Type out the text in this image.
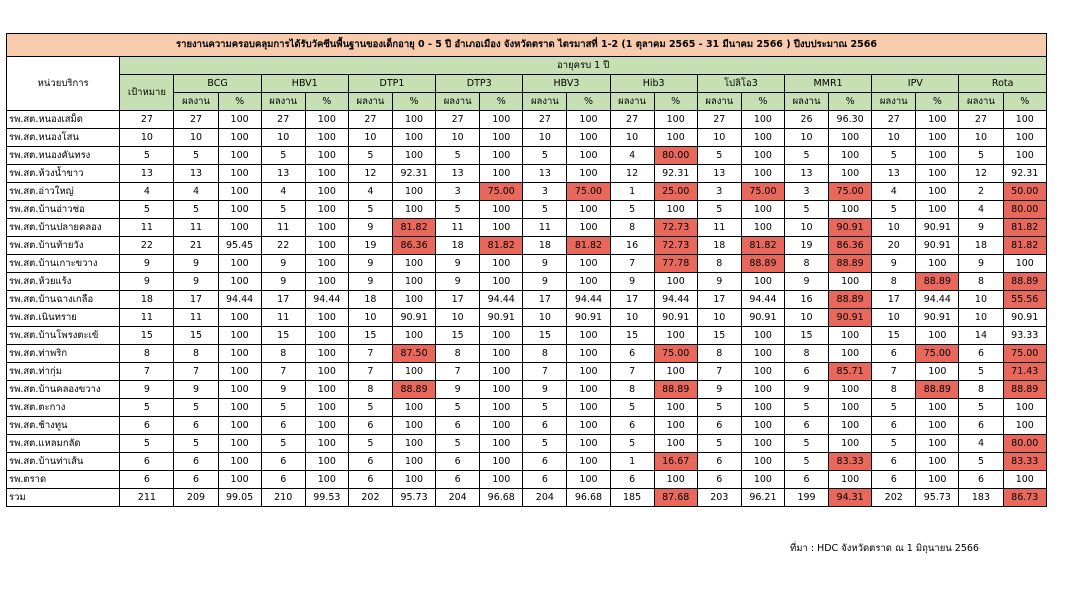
รายงานความครอบคลุมการได้รับวัคซีนพื้นฐานของเด็กอายุ 0 - 5 ปี อำเภอเมือง จังหวัดตราด ไตรมาสที่ 1-2 (1 ตุลาคม 2565 - 31 มีนาคม 2566 ) ปีงบประมาณ 2566																					
หน่วยบริการ	อายุครบ 1 ปี																				
	เป้าหมาย	BCG		HBV1		DTP1		DTP3		HBV3		Hib3		โปลิโอ3		MMR1		IPV		Rota	
		ผลงาน	%	ผลงาน	%	ผลงาน	%	ผลงาน	%	ผลงาน	%	ผลงาน	%	ผลงาน	%	ผลงาน	%	ผลงาน	%	ผลงาน	%
รพ.สต.หนองเสม็ด	27	27	100	27	100	27	100	27	100	27	100	27	100	27	100	26	96.30	27	100	27	100
รพ.สต.หนองโสน	10	10	100	10	100	10	100	10	100	10	100	10	100	10	100	10	100	10	100	10	100
รพ.สต.หนองคันทรง	5	5	100	5	100	5	100	5	100	5	100	4	80.00	5	100	5	100	5	100	5	100
รพ.สต.ห้วงน้ำขาว	13	13	100	13	100	12	92.31	13	100	13	100	12	92.31	13	100	13	100	13	100	12	92.31
รพ.สต.อ่าวใหญ่	4	4	100	4	100	4	100	3	75.00	3	75.00	1	25.00	3	75.00	3	75.00	4	100	2	50.00
รพ.สต.บ้านอ่าวช่อ	5	5	100	5	100	5	100	5	100	5	100	5	100	5	100	5	100	5	100	4	80.00
รพ.สต.บ้านปลายคลอง	11	11	100	11	100	9	81.82	11	100	11	100	8	72.73	11	100	10	90.91	10	90.91	9	81.82
รพ.สต.บ้านท้ายวัง	22	21	95.45	22	100	19	86.36	18	81.82	18	81.82	16	72.73	18	81.82	19	86.36	20	90.91	18	81.82
รพ.สต.บ้านเกาะขวาง	9	9	100	9	100	9	100	9	100	9	100	7	77.78	8	88.89	8	88.89	9	100	9	100
รพ.สต.ห้วยแร้ง	9	9	100	9	100	9	100	9	100	9	100	9	100	9	100	9	100	8	88.89	8	88.89
รพ.สต.บ้านฉางเกลือ	18	17	94.44	17	94.44	18	100	17	94.44	17	94.44	17	94.44	17	94.44	16	88.89	17	94.44	10	55.56
รพ.สต.เนินทราย	11	11	100	11	100	10	90.91	10	90.91	10	90.91	10	90.91	10	90.91	10	90.91	10	90.91	10	90.91
รพ.สต.บ้านโพรงตะเข้	15	15	100	15	100	15	100	15	100	15	100	15	100	15	100	15	100	15	100	14	93.33
รพ.สต.ท่าพริก	8	8	100	8	100	7	87.50	8	100	8	100	6	75.00	8	100	8	100	6	75.00	6	75.00
รพ.สต.ท่ากุ่ม	7	7	100	7	100	7	100	7	100	7	100	7	100	7	100	6	85.71	7	100	5	71.43
รพ.สต.บ้านคลองขวาง	9	9	100	9	100	8	88.89	9	100	9	100	8	88.89	9	100	9	100	8	88.89	8	88.89
รพ.สต.ตะกาง	5	5	100	5	100	5	100	5	100	5	100	5	100	5	100	5	100	5	100	5	100
รพ.สต.ช้างทูน	6	6	100	6	100	6	100	6	100	6	100	6	100	6	100	6	100	6	100	6	100
รพ.สต.แหลมกลัด	5	5	100	5	100	5	100	5	100	5	100	5	100	5	100	5	100	5	100	4	80.00
รพ.สต.บ้านท่าเส้น	6	6	100	6	100	6	100	6	100	6	100	1	16.67	6	100	5	83.33	6	100	5	83.33
รพ.ตราด	6	6	100	6	100	6	100	6	100	6	100	6	100	6	100	6	100	6	100	6	100
รวม	211	209	99.05	210	99.53	202	95.73	204	96.68	204	96.68	185	87.68	203	96.21	199	94.31	202	95.73	183	86.73
ที่มา : HDC จังหวัดตราด ณ 1 มิถุนายน 2566
